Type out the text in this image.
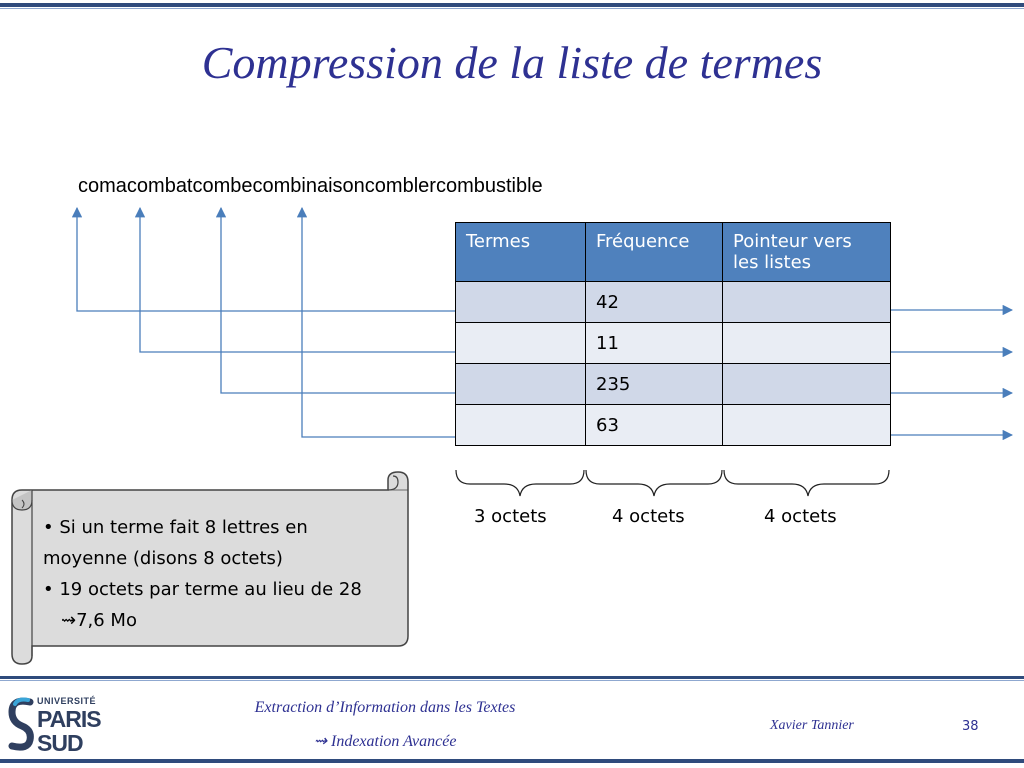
Compression de la liste de termes
comacombatcombecombinaisoncomblercombustible
Termes	Fréquence	Pointeur vers les listes
	42	
	11	
	235	
	63	
3 octets	4 octets	4 octets
• Si un terme fait 8 lettres en
moyenne (disons 8 octets)
• 19 octets par terme au lieu de 28
⇝7,6 Mo
UNIVERSITÉ
PARIS
SUD
Extraction d’Information dans les Textes
⇝ Indexation Avancée
Xavier Tannier	38
